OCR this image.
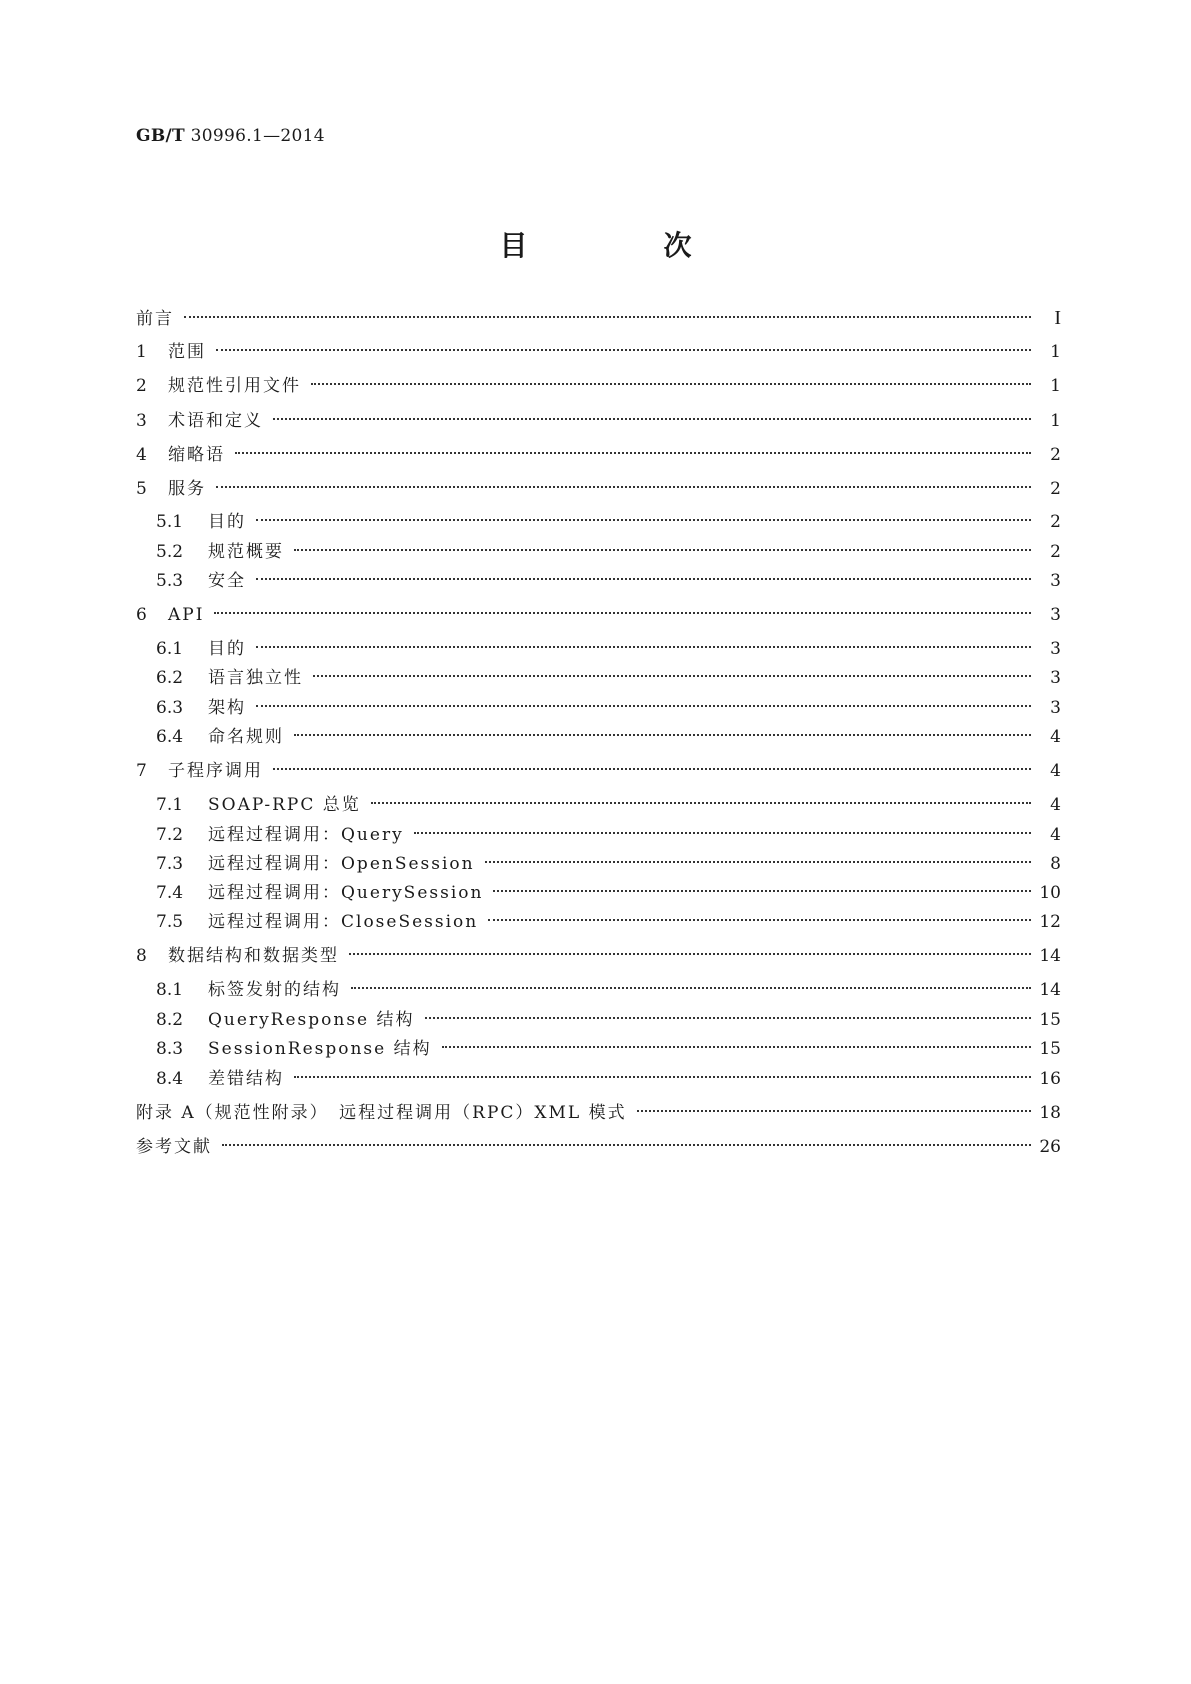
GB/T 30996.1—2014
目　次
前言	I
1	范围	1
2	规范性引用文件	1
3	术语和定义	1
4	缩略语	2
5	服务	2
5.1	目的	2
5.2	规范概要	2
5.3	安全	3
6	API	3
6.1	目的	3
6.2	语言独立性	3
6.3	架构	3
6.4	命名规则	4
7	子程序调用	4
7.1	SOAP-RPC 总览	4
7.2	远程过程调用：Query	4
7.3	远程过程调用：OpenSession	8
7.4	远程过程调用：QuerySession	10
7.5	远程过程调用：CloseSession	12
8	数据结构和数据类型	14
8.1	标签发射的结构	14
8.2	QueryResponse 结构	15
8.3	SessionResponse 结构	15
8.4	差错结构	16
附录 A（规范性附录）　远程过程调用（RPC）XML 模式	18
参考文献	26
